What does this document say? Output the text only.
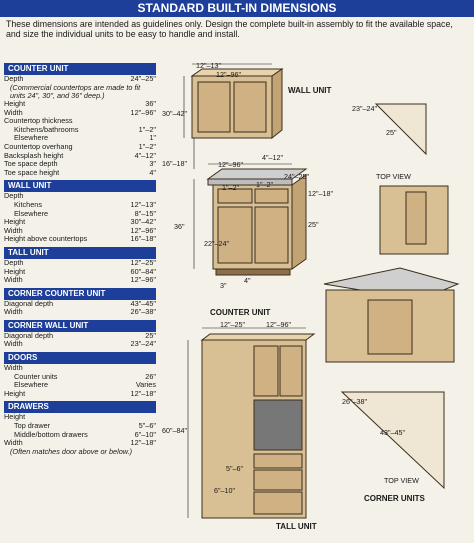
STANDARD BUILT-IN DIMENSIONS
These dimensions are intended as guidelines only. Design the complete built-in assembly to fit the available space, and size the individual units to be easy to handle and install.
COUNTER UNIT
Depth	24"–25"
(Commercial countertops are made to fit units 24", 30", and 36" deep.)
Height	36"
Width	12"–96"
Countertop thickness
Kitchens/bathrooms	1"–2"
Elsewhere	1"
Countertop overhang	1"–2"
Backsplash height	4"–12"
Toe space depth	3"
Toe space height	4"
WALL UNIT
Depth
Kitchens	12"–13"
Elsewhere	8"–15"
Height	30"–42"
Width	12"–96"
Height above countertops	16"–18"
TALL UNIT
Depth	12"–25"
Height	60"–84"
Width	12"–96"
CORNER COUNTER UNIT
Diagonal depth	43"–45"
Width	26"–38"
CORNER WALL UNIT
Diagonal depth	25"
Width	23"–24"
DOORS
Width
Counter units	26"
Elsewhere	Varies
Height	12"–18"
DRAWERS
Height
Top drawer	5"–6"
Middle/bottom drawers	6"–10"
Width	12"–18"
(Often matches door above or below.)
12"–13"
12"–96"
30"–42"
WALL UNIT
16"–18"	12"–96"
4"–12"
24"–25"
1"–2" 1"–2"
12"–18"
36"
22"–24"
25"
3"
4"
COUNTER UNIT
23"–24"
25"
TOP VIEW
12"–25"	12"–96"
60"–84"
5"–6"
6"–10"
TALL UNIT
26"–38"
43"–45"
TOP VIEW
CORNER UNITS
